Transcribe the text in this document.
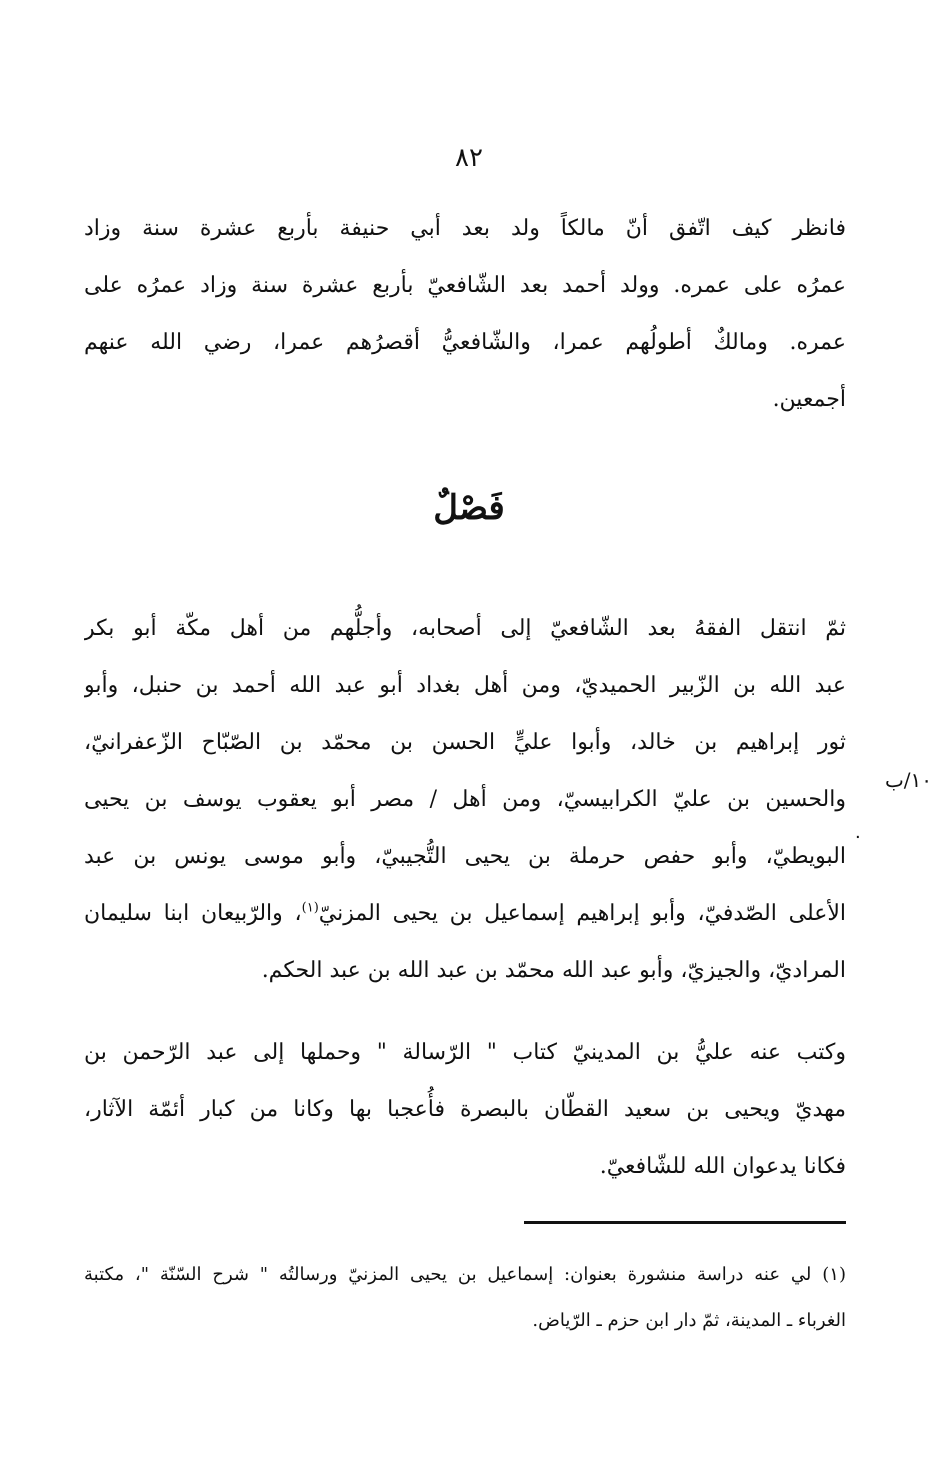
٨٢
فانظر كيف اتّفق أنّ مالكاً ولد بعد أبي حنيفة بأربع عشرة سنة وزاد
عمرُه على عمره. وولد أحمد بعد الشّافعيّ بأربع عشرة سنة وزاد عمرُه على
عمره. ومالكٌ أطولُهم عمرا، والشّافعيُّ أقصرُهم عمرا، رضي الله عنهم
أجمعين.
فَصْلٌ
ثمّ انتقل الفقهُ بعد الشّافعيّ إلى أصحابه، وأجلُّهم من أهل مكّة أبو بكر
عبد الله بن الزّبير الحميديّ، ومن أهل بغداد أبو عبد الله أحمد بن حنبل، وأبو
ثور إبراهيم بن خالد، وأبوا عليٍّ الحسن بن محمّد بن الصّبّاح الزّعفرانيّ،
والحسين بن عليّ الكرابيسيّ، ومن أهل / مصر أبو يعقوب يوسف بن يحيى
البويطيّ، وأبو حفص حرملة بن يحيى التُّجيبيّ، وأبو موسى يونس بن عبد
الأعلى الصّدفيّ، وأبو إبراهيم إسماعيل بن يحيى المزنيّ$^{(١)}$، والرّبيعان ابنا سليمان
المراديّ، والجيزيّ، وأبو عبد الله محمّد بن عبد الله بن عبد الحكم.
١٠/ب
٠
وكتب عنه عليُّ بن المدينيّ كتاب " الرّسالة " وحملها إلى عبد الرّحمن بن
مهديّ ويحيى بن سعيد القطّان بالبصرة فأُعجبا بها وكانا من كبار أئمّة الآثار،
فكانا يدعوان الله للشّافعيّ.
(١) لي عنه دراسة منشورة بعنوان: إسماعيل بن يحيى المزنيّ ورسالتُه " شرح السّنّة "، مكتبة
الغرباء ـ المدينة، ثمّ دار ابن حزم ـ الرّياض.
